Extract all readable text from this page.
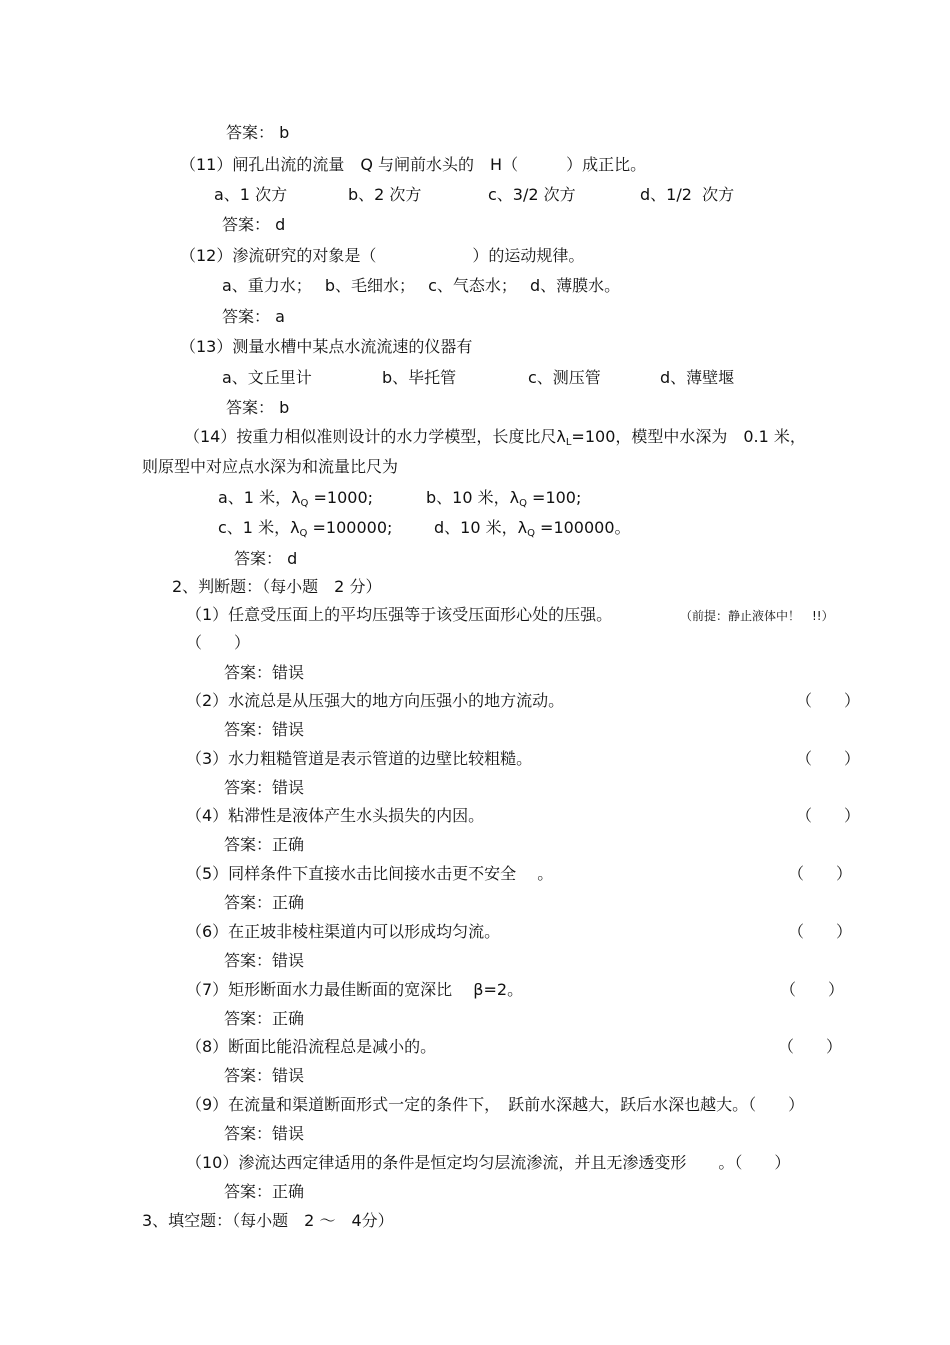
答案： b
（11）闸孔出流的流量　Q 与闸前水头的　H（　　　）成正比。
a、1 次方	b、2 次方	c、3/2 次方	d、1/2  次方
答案： d
（12）渗流研究的对象是（　　　　　　）的运动规律。
a、重力水；　 b、毛细水；　 c、气态水；　 d、薄膜水。
答案： a
（13）测量水槽中某点水流流速的仪器有
a、文丘里计	b、毕托管	c、测压管	d、薄壁堰
答案： b
（14）按重力相似准则设计的水力学模型，长度比尺λL=100，模型中水深为　0.1 米，
则原型中对应点水深为和流量比尺为
a、1 米，λQ =1000;	b、10 米，λQ =100;
c、1 米，λQ =100000;	d、10 米，λQ =100000。
答案： d
2、判断题：（每小题　2 分）
（1）任意受压面上的平均压强等于该受压面形心处的压强。	（前提：静止液体中！　!!）
（　　）
答案：错误
（2）水流总是从压强大的地方向压强小的地方流动。	（　　）
答案：错误
（3）水力粗糙管道是表示管道的边壁比较粗糙。	（　　）
答案：错误
（4）粘滞性是液体产生水头损失的内因。	（　　）
答案：正确
（5）同样条件下直接水击比间接水击更不安全　 。	（　　）
答案：正确
（6）在正坡非棱柱渠道内可以形成均匀流。	（　　）
答案：错误
（7）矩形断面水力最佳断面的宽深比　 β=2。	（　　）
答案：正确
（8）断面比能沿流程总是减小的。	（　　）
答案：错误
（9）在流量和渠道断面形式一定的条件下，　跃前水深越大，跃后水深也越大。（　　）
答案：错误
（10）渗流达西定律适用的条件是恒定均匀层流渗流，并且无渗透变形　　。（　　）
答案：正确
3、填空题：（每小题　2 ～　4分）
